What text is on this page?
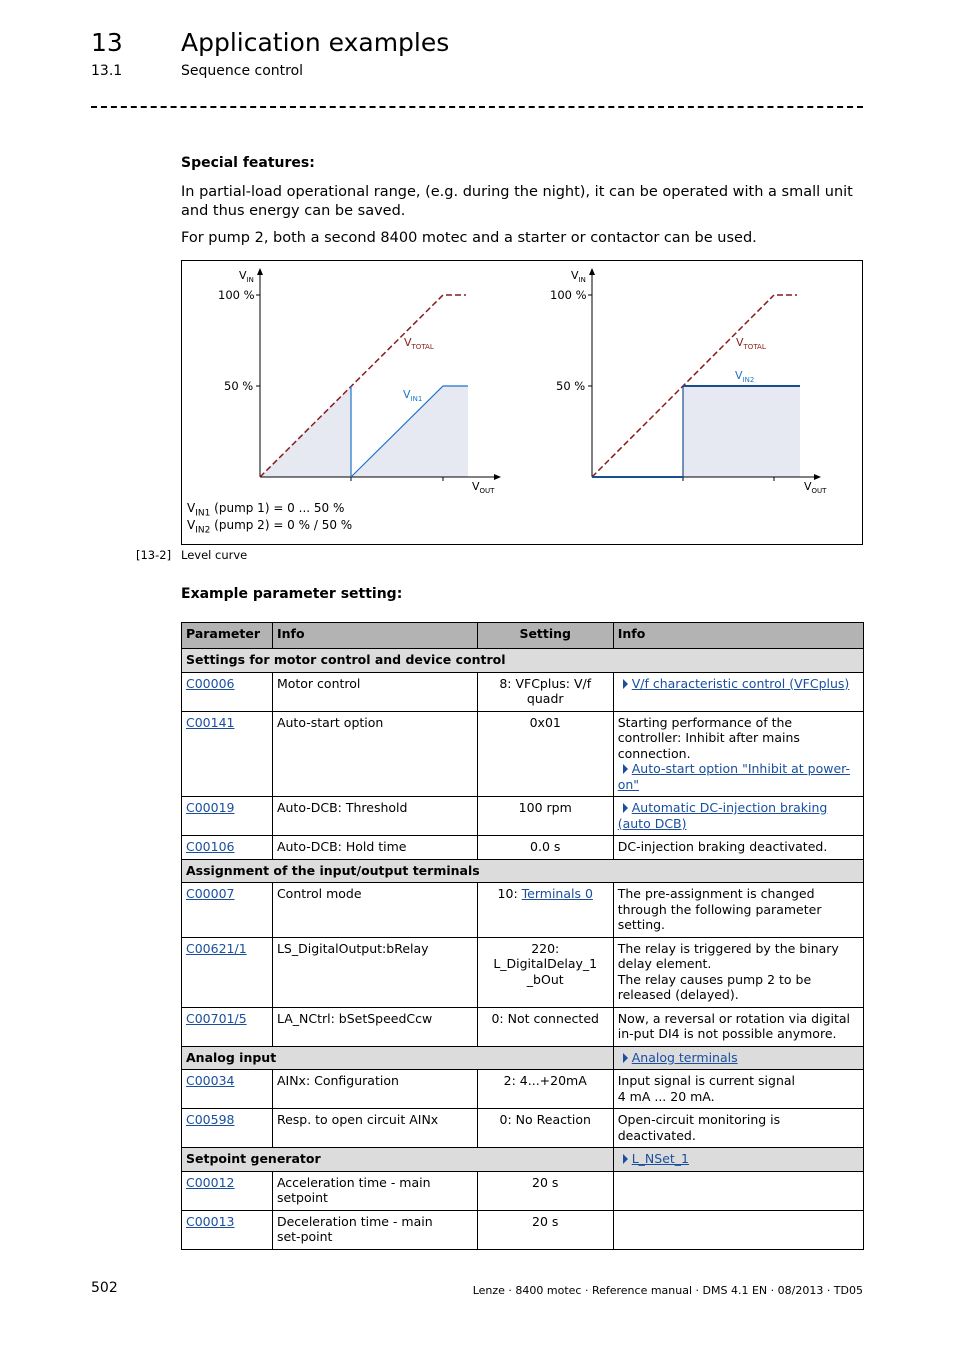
13 Application examples
13.1	Sequence control
Special features:
In partial-load operational range, (e.g. during the night), it can be operated with a small unit and thus energy can be saved.
For pump 2, both a second 8400 motec and a starter or contactor can be used.
$V_{IN}$
100 %
50 %
$V_{OUT}$
$V_{TOTAL}$
$V_{IN1}$
$V_{IN}$
100 %
50 %
$V_{OUT}$
$V_{TOTAL}$
$V_{IN2}$
$V_{IN1}$ (pump 1) = 0 ... 50 %
$V_{IN2}$ (pump 2) = 0 % / 50 %
[13-2] Level curve
Example parameter setting:
Parameter	Info	Setting	Info
Settings for motor control and device control			
C00006	Motor control	8: VFCplus: V/f quadr	V/f characteristic control (VFCplus)
C00141	Auto-start option	0x01	Starting performance of the controller: Inhibit after mains connection.
Auto-start option "Inhibit at power-on"
C00019	Auto-DCB: Threshold	100 rpm	Automatic DC-injection braking (auto DCB)
C00106	Auto-DCB: Hold time	0.0 s	DC-injection braking deactivated.
Assignment of the input/output terminals			
C00007	Control mode	10: Terminals 0	The pre-assignment is changed through the following parameter setting.
C00621/1	LS_DigitalOutput:bRelay	220: L_DigitalDelay_1 _bOut	The relay is triggered by the binary delay element.
The relay causes pump 2 to be released (delayed).

C00701/5	LA_NCtrl: bSetSpeedCcw	0: Not connected	Now, a reversal or rotation via digital in-put DI4 is not possible anymore.
Analog input			Analog terminals
C00034	AINx: Configuration	2: 4...+20mA	Input signal is current signal
4 mA ... 20 mA.

C00598	Resp. to open circuit AINx	0: No Reaction	Open-circuit monitoring is deactivated.
Setpoint generator			L_NSet_1
C00012	Acceleration time - main setpoint	20 s	
C00013	Deceleration time - main set-point	20 s	
502	Lenze · 8400 motec · Reference manual · DMS 4.1 EN · 08/2013 · TD05
